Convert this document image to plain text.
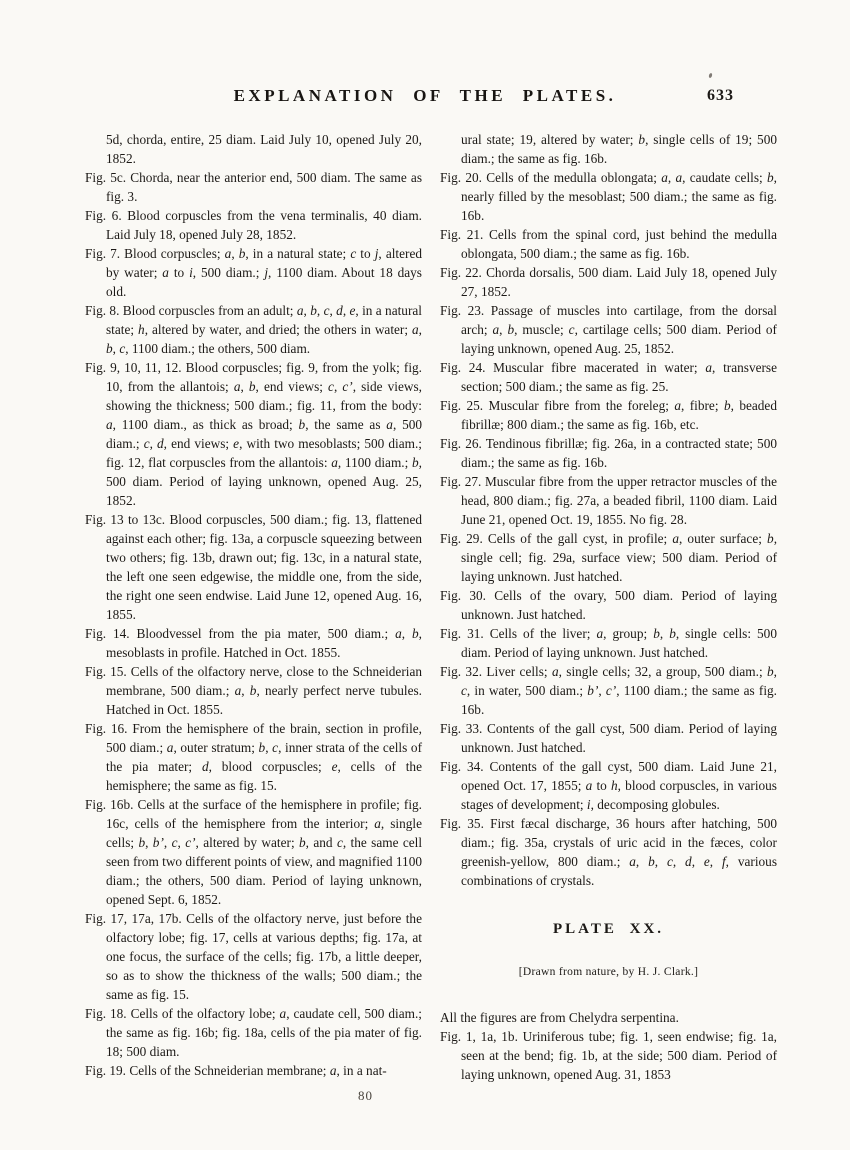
EXPLANATION OF THE PLATES.	633

5d, chorda, entire, 25 diam. Laid July 10, opened July 20, 1852.

Fig. 5c. Chorda, near the anterior end, 500 diam. The same as fig. 3.

Fig. 6. Blood corpuscles from the vena terminalis, 40 diam. Laid July 18, opened July 28, 1852.

Fig. 7. Blood corpuscles; a, b, in a natural state; c to j, altered by water; a to i, 500 diam.; j, 1100 diam. About 18 days old.

Fig. 8. Blood corpuscles from an adult; a, b, c, d, e, in a natural state; h, altered by water, and dried; the others in water; a, b, c, 1100 diam.; the others, 500 diam.

Fig. 9, 10, 11, 12. Blood corpuscles; fig. 9, from the yolk; fig. 10, from the allantois; a, b, end views; c, c’, side views, showing the thickness; 500 diam.; fig. 11, from the body: a, 1100 diam., as thick as broad; b, the same as a, 500 diam.; c, d, end views; e, with two mesoblasts; 500 diam.; fig. 12, flat corpuscles from the allantois: a, 1100 diam.; b, 500 diam. Period of laying unknown, opened Aug. 25, 1852.

Fig. 13 to 13c. Blood corpuscles, 500 diam.; fig. 13, flattened against each other; fig. 13a, a corpuscle squeezing between two others; fig. 13b, drawn out; fig. 13c, in a natural state, the left one seen edgewise, the middle one, from the side, the right one seen endwise. Laid June 12, opened Aug. 16, 1855.

Fig. 14. Bloodvessel from the pia mater, 500 diam.; a, b, mesoblasts in profile. Hatched in Oct. 1855.

Fig. 15. Cells of the olfactory nerve, close to the Schneiderian membrane, 500 diam.; a, b, nearly perfect nerve tubules. Hatched in Oct. 1855.

Fig. 16. From the hemisphere of the brain, section in profile, 500 diam.; a, outer stratum; b, c, inner strata of the cells of the pia mater; d, blood corpuscles; e, cells of the hemisphere; the same as fig. 15.

Fig. 16b. Cells at the surface of the hemisphere in profile; fig. 16c, cells of the hemisphere from the interior; a, single cells; b, b’, c, c’, altered by water; b, and c, the same cell seen from two different points of view, and magnified 1100 diam.; the others, 500 diam. Period of laying unknown, opened Sept. 6, 1852.

Fig. 17, 17a, 17b. Cells of the olfactory nerve, just before the olfactory lobe; fig. 17, cells at various depths; fig. 17a, at one focus, the surface of the cells; fig. 17b, a little deeper, so as to show the thickness of the walls; 500 diam.; the same as fig. 15.

Fig. 18. Cells of the olfactory lobe; a, caudate cell, 500 diam.; the same as fig. 16b; fig. 18a, cells of the pia mater of fig. 18; 500 diam.

Fig. 19. Cells of the Schneiderian membrane; a, in a nat-

ural state; 19, altered by water; b, single cells of 19; 500 diam.; the same as fig. 16b.

Fig. 20. Cells of the medulla oblongata; a, a, caudate cells; b, nearly filled by the mesoblast; 500 diam.; the same as fig. 16b.

Fig. 21. Cells from the spinal cord, just behind the medulla oblongata, 500 diam.; the same as fig. 16b.

Fig. 22. Chorda dorsalis, 500 diam. Laid July 18, opened July 27, 1852.

Fig. 23. Passage of muscles into cartilage, from the dorsal arch; a, b, muscle; c, cartilage cells; 500 diam. Period of laying unknown, opened Aug. 25, 1852.

Fig. 24. Muscular fibre macerated in water; a, transverse section; 500 diam.; the same as fig. 25.

Fig. 25. Muscular fibre from the foreleg; a, fibre; b, beaded fibrillæ; 800 diam.; the same as fig. 16b, etc.

Fig. 26. Tendinous fibrillæ; fig. 26a, in a contracted state; 500 diam.; the same as fig. 16b.

Fig. 27. Muscular fibre from the upper retractor muscles of the head, 800 diam.; fig. 27a, a beaded fibril, 1100 diam. Laid June 21, opened Oct. 19, 1855. No fig. 28.

Fig. 29. Cells of the gall cyst, in profile; a, outer surface; b, single cell; fig. 29a, surface view; 500 diam. Period of laying unknown. Just hatched.

Fig. 30. Cells of the ovary, 500 diam. Period of laying unknown. Just hatched.

Fig. 31. Cells of the liver; a, group; b, b, single cells: 500 diam. Period of laying unknown. Just hatched.

Fig. 32. Liver cells; a, single cells; 32, a group, 500 diam.; b, c, in water, 500 diam.; b’, c’, 1100 diam.; the same as fig. 16b.

Fig. 33. Contents of the gall cyst, 500 diam. Period of laying unknown. Just hatched.

Fig. 34. Contents of the gall cyst, 500 diam. Laid June 21, opened Oct. 17, 1855; a to h, blood corpuscles, in various stages of development; i, decomposing globules.

Fig. 35. First fæcal discharge, 36 hours after hatching, 500 diam.; fig. 35a, crystals of uric acid in the fæces, color greenish-yellow, 800 diam.; a, b, c, d, e, f, various combinations of crystals.

PLATE XX.

[Drawn from nature, by H. J. Clark.]

All the figures are from Chelydra serpentina.

Fig. 1, 1a, 1b. Uriniferous tube; fig. 1, seen endwise; fig. 1a, seen at the bend; fig. 1b, at the side; 500 diam. Period of laying unknown, opened Aug. 31, 1853

80
